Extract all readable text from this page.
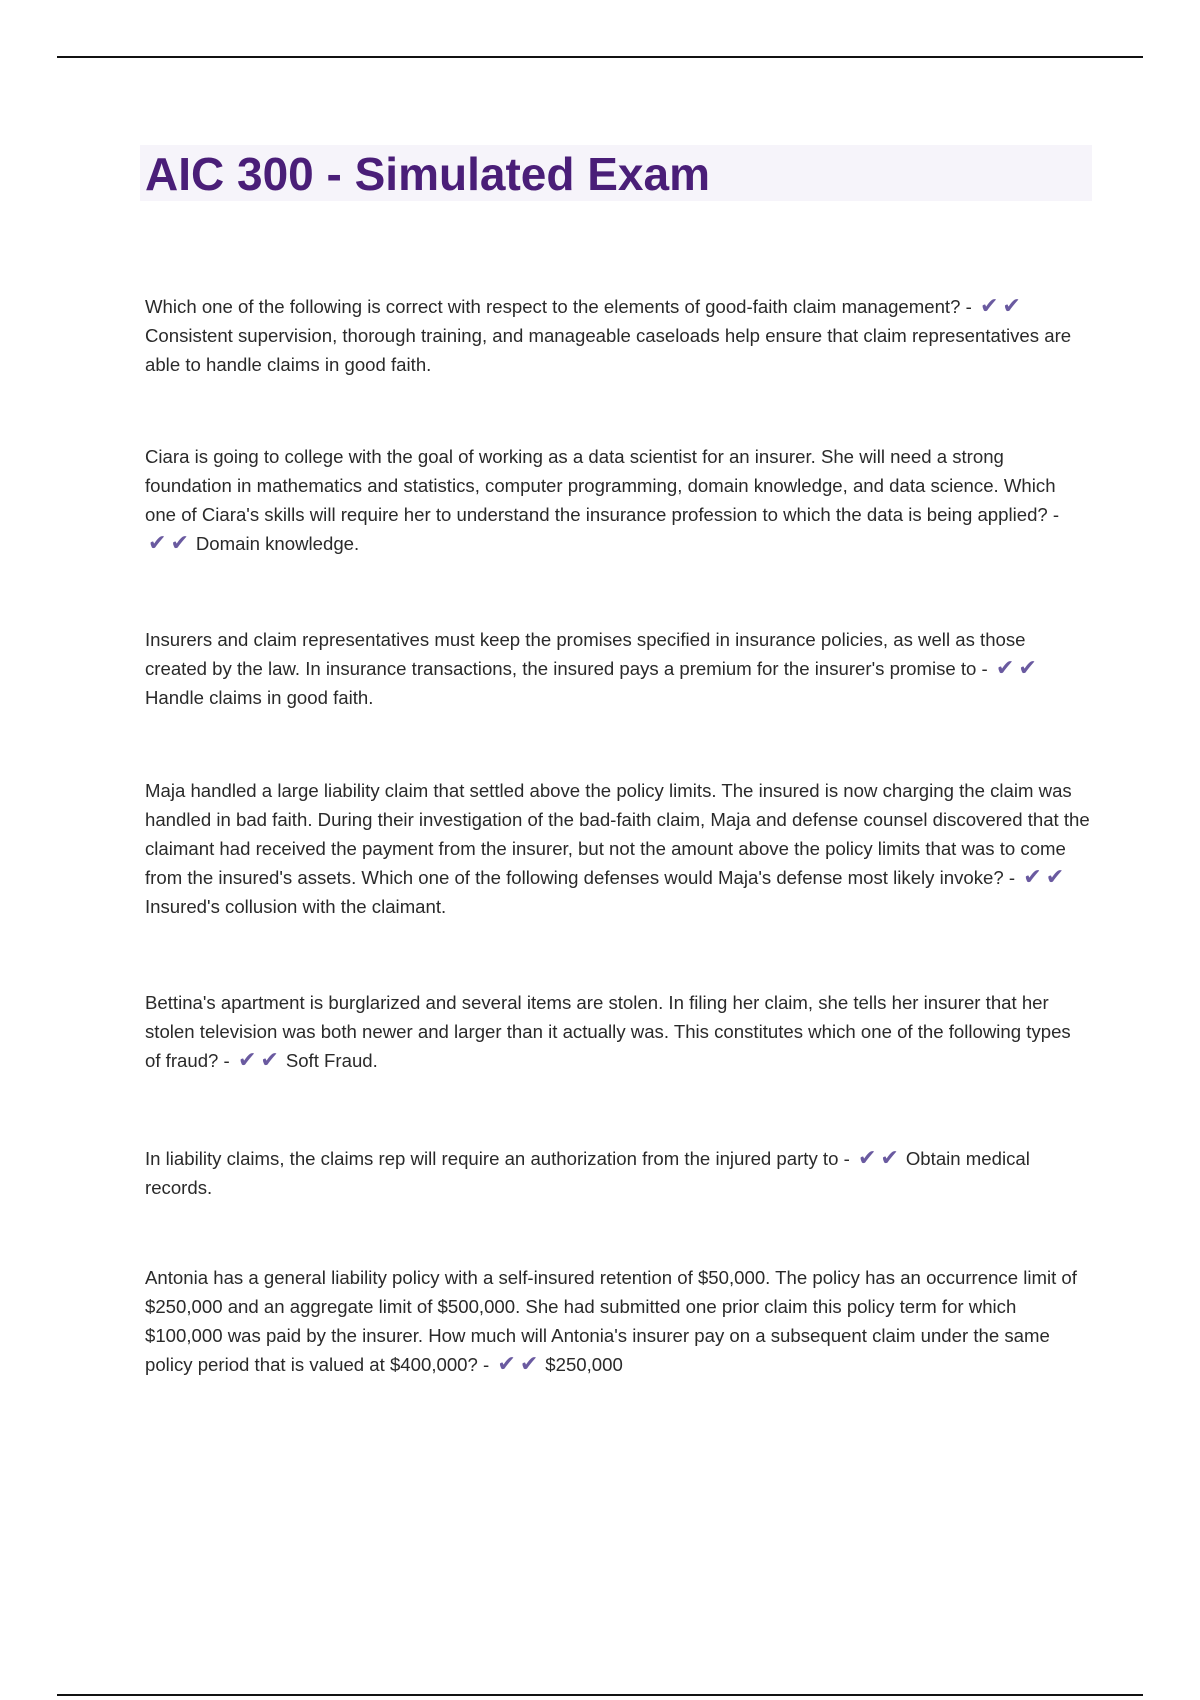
AIC 300 - Simulated Exam

Which one of the following is correct with respect to the elements of good-faith claim management? - ✔ ✔Consistent supervision, thorough training, and manageable caseloads help ensure that claim representatives are able to handle claims in good faith.

Ciara is going to college with the goal of working as a data scientist for an insurer. She will need a strong foundation in mathematics and statistics, computer programming, domain knowledge, and data science. Which one of Ciara's skills will require her to understand the insurance profession to which the data is being applied? - ✔ ✔ Domain knowledge.

Insurers and claim representatives must keep the promises specified in insurance policies, as well as those created by the law. In insurance transactions, the insured pays a premium for the insurer's promise to - ✔ ✔Handle claims in good faith.

Maja handled a large liability claim that settled above the policy limits. The insured is now charging the claim was handled in bad faith. During their investigation of the bad-faith claim, Maja and defense counsel discovered that the claimant had received the payment from the insurer, but not the amount above the policy limits that was to come from the insured's assets. Which one of the following defenses would Maja's defense most likely invoke? - ✔ ✔Insured's collusion with the claimant.

Bettina's apartment is burglarized and several items are stolen. In filing her claim, she tells her insurer that her stolen television was both newer and larger than it actually was. This constitutes which one of the following types of fraud? - ✔ ✔ Soft Fraud.

In liability claims, the claims rep will require an authorization from the injured party to - ✔ ✔ Obtain medical records.

Antonia has a general liability policy with a self-insured retention of $50,000. The policy has an occurrence limit of $250,000 and an aggregate limit of $500,000. She had submitted one prior claim this policy term for which $100,000 was paid by the insurer. How much will Antonia's insurer pay on a subsequent claim under the same policy period that is valued at $400,000? - ✔ ✔ $250,000
